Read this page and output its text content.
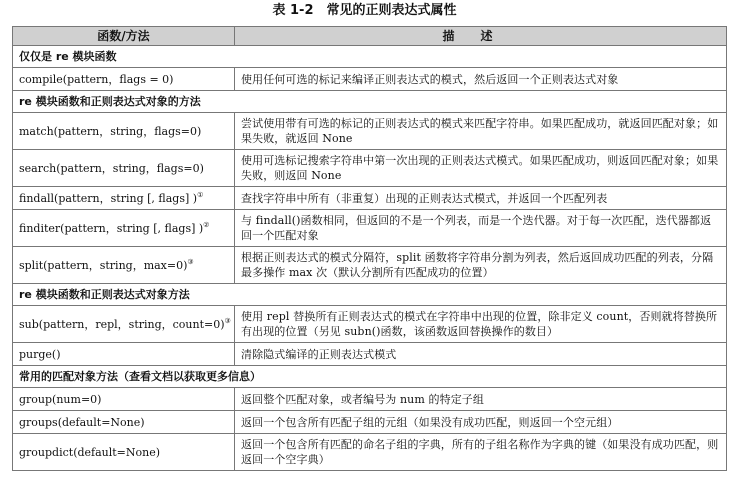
表 1-2　常见的正则表达式属性
函数/方法	描述
仅仅是 re 模块函数	
compile(pattern，flags = 0)	使用任何可选的标记来编译正则表达式的模式，然后返回一个正则表达式对象
re 模块函数和正则表达式对象的方法	
match(pattern，string，flags=0)	尝试使用带有可选的标记的正则表达式的模式来匹配字符串。如果匹配成功，就返回匹配对象；如果失败，就返回 None
search(pattern，string，flags=0)	使用可选标记搜索字符串中第一次出现的正则表达式模式。如果匹配成功，则返回匹配对象；如果失败，则返回 None
findall(pattern，string [, flags] )①	查找字符串中所有（非重复）出现的正则表达式模式，并返回一个匹配列表
finditer(pattern，string [, flags] )②	与 findall()函数相同，但返回的不是一个列表，而是一个迭代器。对于每一次匹配，迭代器都返回一个匹配对象
split(pattern，string，max=0)③	根据正则表达式的模式分隔符，split 函数将字符串分割为列表，然后返回成功匹配的列表，分隔最多操作 max 次（默认分割所有匹配成功的位置）
re 模块函数和正则表达式对象方法	
sub(pattern，repl，string，count=0)③	使用 repl 替换所有正则表达式的模式在字符串中出现的位置，除非定义 count，否则就将替换所有出现的位置（另见 subn()函数，该函数返回替换操作的数目）
purge()	清除隐式编译的正则表达式模式
常用的匹配对象方法（查看文档以获取更多信息）	
group(num=0)	返回整个匹配对象，或者编号为 num 的特定子组
groups(default=None)	返回一个包含所有匹配子组的元组（如果没有成功匹配，则返回一个空元组）
groupdict(default=None)	返回一个包含所有匹配的命名子组的字典，所有的子组名称作为字典的键（如果没有成功匹配，则返回一个空字典）
